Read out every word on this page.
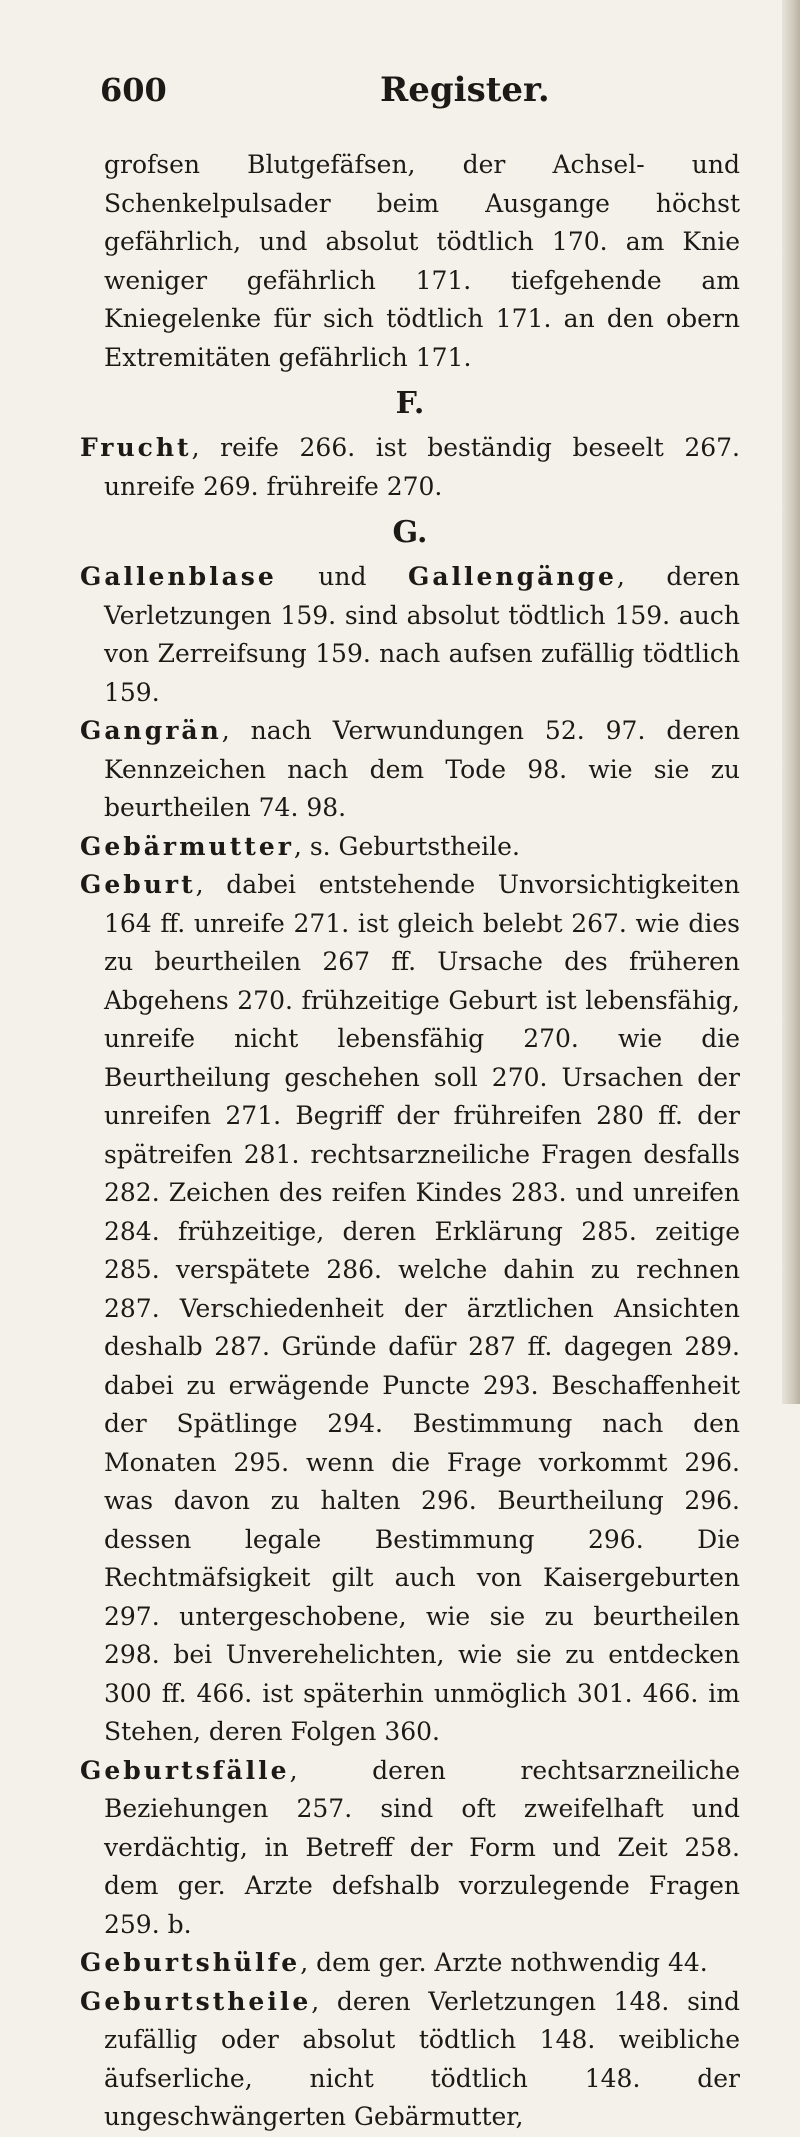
600	Register.

grofsen Blutgefäfsen, der Achsel- und Schenkelpulsader beim Ausgange höchst gefährlich, und absolut tödtlich 170. am Knie weniger gefährlich 171. tiefgehende am Kniegelenke für sich tödtlich 171. an den obern Extremitäten gefährlich 171.

F.

Frucht, reife 266. ist beständig beseelt 267. unreife 269. frühreife 270.

G.

Gallenblase und Gallengänge, deren Verletzungen 159. sind absolut tödtlich 159. auch von Zerreifsung 159. nach aufsen zufällig tödtlich 159.

Gangrän, nach Verwundungen 52. 97. deren Kennzeichen nach dem Tode 98. wie sie zu beurtheilen 74. 98.

Gebärmutter, s. Geburtstheile.

Geburt, dabei entstehende Unvorsichtigkeiten 164 ff. unreife 271. ist gleich belebt 267. wie dies zu beurtheilen 267 ff. Ursache des früheren Abgehens 270. frühzeitige Geburt ist lebensfähig, unreife nicht lebensfähig 270. wie die Beurtheilung geschehen soll 270. Ursachen der unreifen 271. Begriff der frühreifen 280 ff. der spätreifen 281. rechtsarzneiliche Fragen desfalls 282. Zeichen des reifen Kindes 283. und unreifen 284. frühzeitige, deren Erklärung 285. zeitige 285. verspätete 286. welche dahin zu rechnen 287. Verschiedenheit der ärztlichen Ansichten deshalb 287. Gründe dafür 287 ff. dagegen 289. dabei zu erwägende Puncte 293. Beschaffenheit der Spätlinge 294. Bestimmung nach den Monaten 295. wenn die Frage vorkommt 296. was davon zu halten 296. Beurtheilung 296. dessen legale Bestimmung 296. Die Rechtmäfsigkeit gilt auch von Kaisergeburten 297. untergeschobene, wie sie zu beurtheilen 298. bei Unverehelichten, wie sie zu entdecken 300 ff. 466. ist späterhin unmöglich 301. 466. im Stehen, deren Folgen 360.

Geburtsfälle, deren rechtsarzneiliche Beziehungen 257. sind oft zweifelhaft und verdächtig, in Betreff der Form und Zeit 258. dem ger. Arzte defshalb vorzulegende Fragen 259. b.

Geburtshülfe, dem ger. Arzte nothwendig 44.

Geburtstheile, deren Verletzungen 148. sind zufällig oder absolut tödtlich 148. weibliche äufserliche, nicht tödtlich 148. der ungeschwängerten Gebärmutter,
